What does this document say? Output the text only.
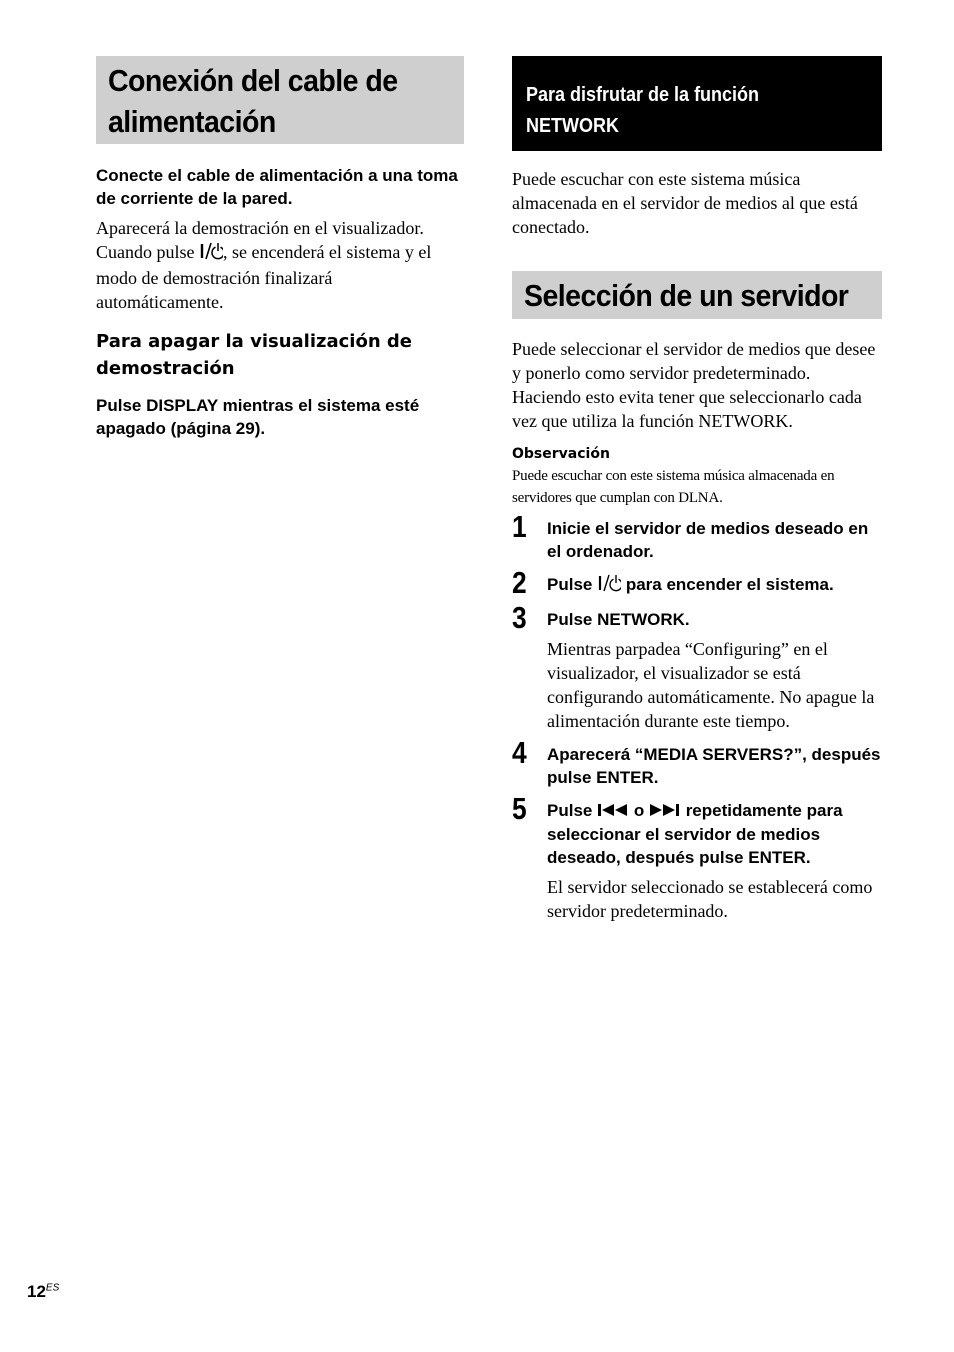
Conexión del cable de
alimentación

Conecte el cable de alimentación a una toma de corriente de la pared.

Aparecerá la demostración en el visualizador.
Cuando pulse , se encenderá el sistema y el modo de demostración finalizará automáticamente.

Para apagar la visualización de
demostración

Pulse DISPLAY mientras el sistema esté apagado (página 29).

Para disfrutar de la función
NETWORK

Puede escuchar con este sistema música almacenada en el servidor de medios al que está conectado.

Selección de un servidor

Puede seleccionar el servidor de medios que desee y ponerlo como servidor predeterminado. Haciendo esto evita tener que seleccionarlo cada vez que utiliza la función NETWORK.

Observación

Puede escuchar con este sistema música almacenada en servidores que cumplan con DLNA.

1 Inicie el servidor de medios deseado en el ordenador.

2 Pulse para encender el sistema.

3 Pulse NETWORK.

Mientras parpadea “Configuring” en el visualizador, el visualizador se está configurando automáticamente. No apague la alimentación durante este tiempo.

4 Aparecerá “MEDIA SERVERS?”, después pulse ENTER.

5 Pulse o repetidamente para seleccionar el servidor de medios deseado, después pulse ENTER.

El servidor seleccionado se establecerá como servidor predeterminado.

$12^{ES}$
